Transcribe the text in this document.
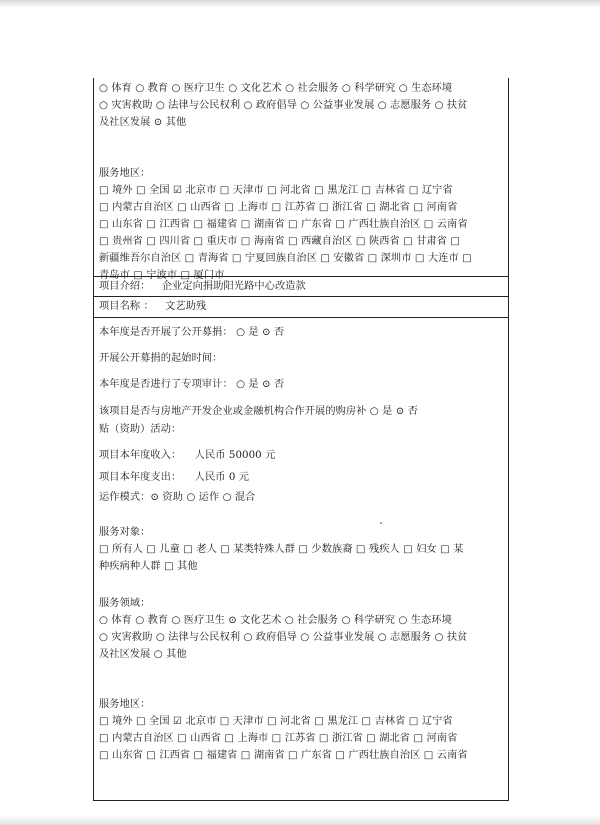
○ 体育 ○ 教育 ○ 医疗卫生 ○ 文化艺术 ○ 社会服务 ○ 科学研究 ○ 生态环境
○ 灾害救助 ○ 法律与公民权利 ○ 政府倡导 ○ 公益事业发展 ○ 志愿服务 ○ 扶贫
及社区发展 ⊙ 其他
服务地区：
□ 境外 □ 全国 ☑ 北京市 □ 天津市 □ 河北省 □ 黑龙江 □ 吉林省 □ 辽宁省
□ 内蒙古自治区 □ 山西省 □ 上海市 □ 江苏省 □ 浙江省 □ 湖北省 □ 河南省
□ 山东省 □ 江西省 □ 福建省 □ 湖南省 □ 广东省 □ 广西壮族自治区 □ 云南省
□ 贵州省 □ 四川省 □ 重庆市 □ 海南省 □ 西藏自治区 □ 陕西省 □ 甘肃省 □
新疆维吾尔自治区 □ 青海省 □ 宁夏回族自治区 □ 安徽省 □ 深圳市 □ 大连市 □
青岛市 □ 宁波市 □ 厦门市
项目介绍： 企业定向捐助阳光路中心改造款
项目名称 ： 文艺助残
本年度是否开展了公开募捐： ○ 是 ⊙ 否
开展公开募捐的起始时间：
本年度是否进行了专项审计： ○ 是 ⊙ 否
该项目是否与房地产开发企业或金融机构合作开展的购房补 ○ 是 ⊙ 否
贴（资助）活动：
项目本年度收入： 人民币 50000 元
项目本年度支出： 人民币 0 元
运作模式：⊙ 资助 ○ 运作 ○ 混合
服务对象：
□ 所有人 □ 儿童 □ 老人 □ 某类特殊人群 □ 少数族裔 □ 残疾人 □ 妇女 □ 某
种疾病种人群 □ 其他
服务领域：
○ 体育 ○ 教育 ○ 医疗卫生 ⊙ 文化艺术 ○ 社会服务 ○ 科学研究 ○ 生态环境
○ 灾害救助 ○ 法律与公民权利 ○ 政府倡导 ○ 公益事业发展 ○ 志愿服务 ○ 扶贫
及社区发展 ○ 其他
服务地区：
□ 境外 □ 全国 ☑ 北京市 □ 天津市 □ 河北省 □ 黑龙江 □ 吉林省 □ 辽宁省
□ 内蒙古自治区 □ 山西省 □ 上海市 □ 江苏省 □ 浙江省 □ 湖北省 □ 河南省
□ 山东省 □ 江西省 □ 福建省 □ 湖南省 □ 广东省 □ 广西壮族自治区 □ 云南省
